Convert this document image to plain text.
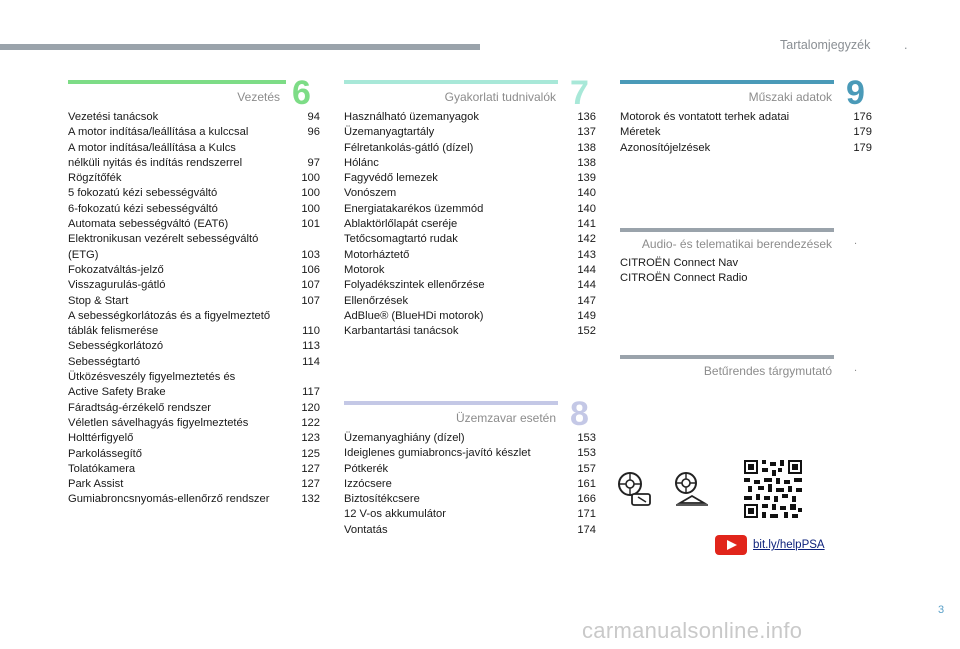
Tartalomjegyzék	.
Vezetés 6
Vezetési tanácsok	94
A motor indítása/leállítása a kulccsal	96
A motor indítása/leállítása a Kulcs
nélküli nyitás és indítás rendszerrel	97
Rögzítőfék	100
5 fokozatú kézi sebességváltó	100
6-fokozatú kézi sebességváltó	100
Automata sebességváltó (EAT6)	101
Elektronikusan vezérelt sebességváltó
(ETG)	103
Fokozatváltás-jelző	106
Visszagurulás-gátló	107
Stop & Start	107
A sebességkorlátozás és a figyelmeztető
táblák felismerése	110
Sebességkorlátozó	113
Sebességtartó	114
Ütközésveszély figyelmeztetés és
Active Safety Brake	117
Fáradtság-érzékelő rendszer	120
Véletlen sávelhagyás figyelmeztetés	122
Holttérfigyelő	123
Parkolássegítő	125
Tolatókamera	127
Park Assist	127
Gumiabroncsnyomás-ellenőrző rendszer	132
Gyakorlati tudnivalók 7
Használható üzemanyagok	136
Üzemanyagtartály	137
Félretankolás-gátló (dízel)	138
Hólánc	138
Fagyvédő lemezek	139
Vonószem	140
Energiatakarékos üzemmód	140
Ablaktörlőlapát cseréje	141
Tetőcsomagtartó rudak	142
Motorháztető	143
Motorok	144
Folyadékszintek ellenőrzése	144
Ellenőrzések	147
AdBlue® (BlueHDi motorok)	149
Karbantartási tanácsok	152
Üzemzavar esetén 8
Üzemanyaghiány (dízel)	153
Ideiglenes gumiabroncs-javító készlet	153
Pótkerék	157
Izzócsere	161
Biztosítékcsere	166
12 V-os akkumulátor	171
Vontatás	174
Műszaki adatok 9
Motorok és vontatott terhek adatai	176
Méretek	179
Azonosítójelzések	179
Audio- és telematikai berendezések .
CITROËN Connect Nav
CITROËN Connect Radio
Betűrendes tárgymutató .
bit.ly/helpPSA
3
carmanualsonline.info
